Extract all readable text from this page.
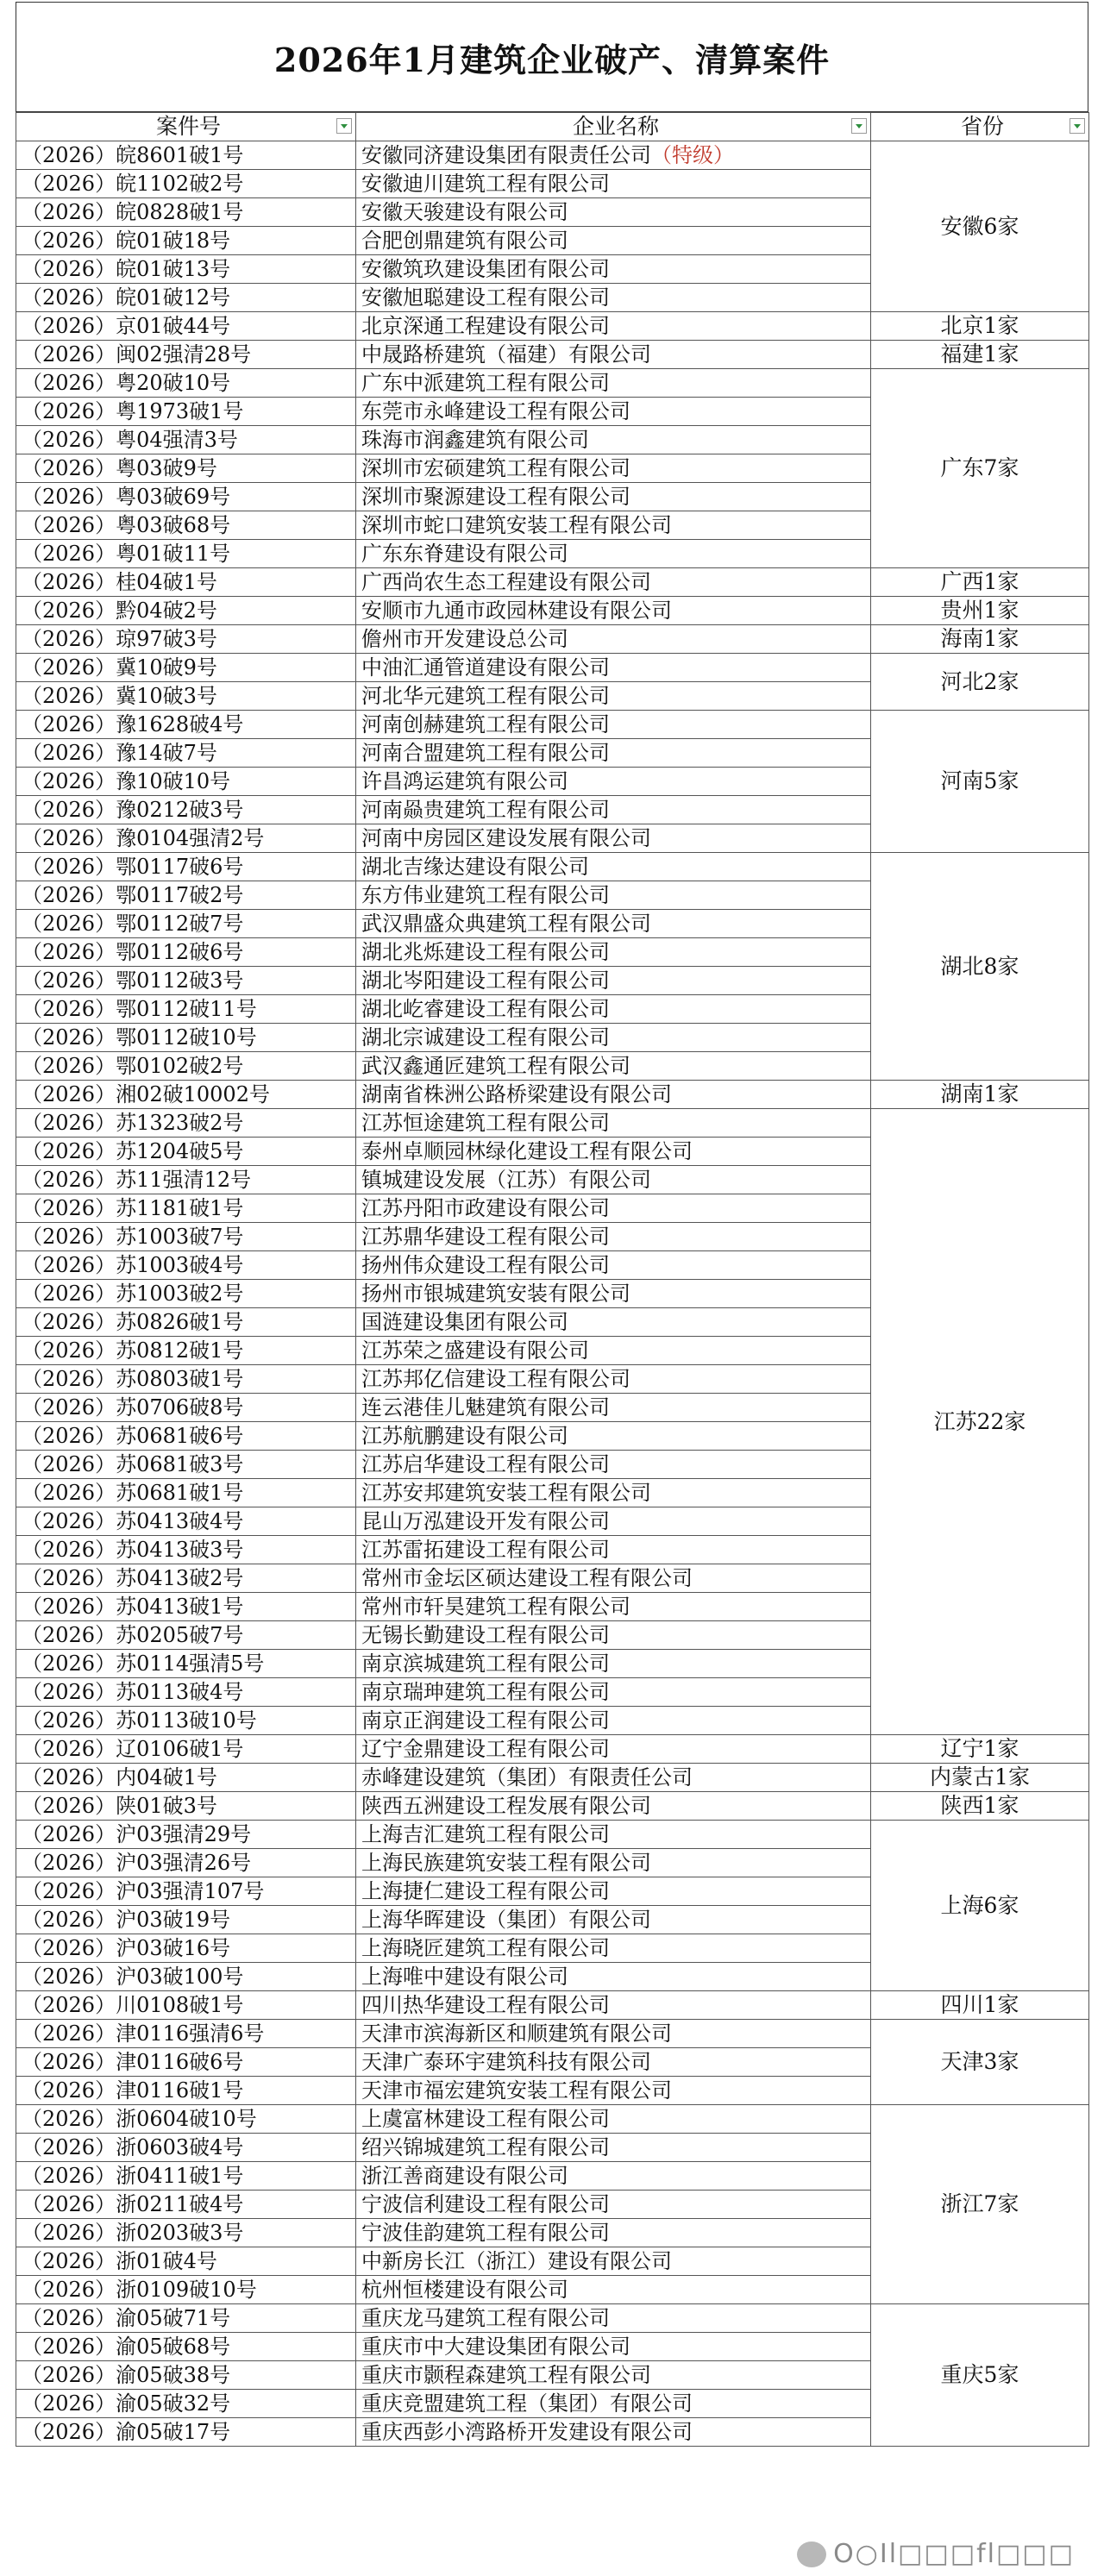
2026年1月建筑企业破产、清算案件
案件号	企业名称	省份

（2026）皖8601破1号	安徽同济建设集团有限责任公司（特级）	安徽6家
（2026）皖1102破2号	安徽迪川建筑工程有限公司	
（2026）皖0828破1号	安徽天骏建设有限公司	
（2026）皖01破18号	合肥创鼎建筑有限公司	
（2026）皖01破13号	安徽筑玖建设集团有限公司	
（2026）皖01破12号	安徽旭聪建设工程有限公司	
（2026）京01破44号	北京深通工程建设有限公司	北京1家
（2026）闽02强清28号	中晟路桥建筑（福建）有限公司	福建1家
（2026）粤20破10号	广东中派建筑工程有限公司	广东7家
（2026）粤1973破1号	东莞市永峰建设工程有限公司	
（2026）粤04强清3号	珠海市润鑫建筑有限公司	
（2026）粤03破9号	深圳市宏硕建筑工程有限公司	
（2026）粤03破69号	深圳市聚源建设工程有限公司	
（2026）粤03破68号	深圳市蛇口建筑安装工程有限公司	
（2026）粤01破11号	广东东脊建设有限公司	
（2026）桂04破1号	广西尚农生态工程建设有限公司	广西1家
（2026）黔04破2号	安顺市九通市政园林建设有限公司	贵州1家
（2026）琼97破3号	儋州市开发建设总公司	海南1家
（2026）冀10破9号	中油汇通管道建设有限公司	河北2家
（2026）冀10破3号	河北华元建筑工程有限公司	
（2026）豫1628破4号	河南创赫建筑工程有限公司	河南5家
（2026）豫14破7号	河南合盟建筑工程有限公司	
（2026）豫10破10号	许昌鸿运建筑有限公司	
（2026）豫0212破3号	河南赑贵建筑工程有限公司	
（2026）豫0104强清2号	河南中房园区建设发展有限公司	
（2026）鄂0117破6号	湖北吉缘达建设有限公司	湖北8家
（2026）鄂0117破2号	东方伟业建筑工程有限公司	
（2026）鄂0112破7号	武汉鼎盛众典建筑工程有限公司	
（2026）鄂0112破6号	湖北兆烁建设工程有限公司	
（2026）鄂0112破3号	湖北岑阳建设工程有限公司	
（2026）鄂0112破11号	湖北屹睿建设工程有限公司	
（2026）鄂0112破10号	湖北宗诚建设工程有限公司	
（2026）鄂0102破2号	武汉鑫通匠建筑工程有限公司	
（2026）湘02破10002号	湖南省株洲公路桥梁建设有限公司	湖南1家
（2026）苏1323破2号	江苏恒途建筑工程有限公司	江苏22家
（2026）苏1204破5号	泰州卓顺园林绿化建设工程有限公司	
（2026）苏11强清12号	镇城建设发展（江苏）有限公司	
（2026）苏1181破1号	江苏丹阳市政建设有限公司	
（2026）苏1003破7号	江苏鼎华建设工程有限公司	
（2026）苏1003破4号	扬州伟众建设工程有限公司	
（2026）苏1003破2号	扬州市银城建筑安装有限公司	
（2026）苏0826破1号	国涟建设集团有限公司	
（2026）苏0812破1号	江苏荣之盛建设有限公司	
（2026）苏0803破1号	江苏邦亿信建设工程有限公司	
（2026）苏0706破8号	连云港佳儿魅建筑有限公司	
（2026）苏0681破6号	江苏航鹏建设有限公司	
（2026）苏0681破3号	江苏启华建设工程有限公司	
（2026）苏0681破1号	江苏安邦建筑安装工程有限公司	
（2026）苏0413破4号	昆山万泓建设开发有限公司	
（2026）苏0413破3号	江苏雷拓建设工程有限公司	
（2026）苏0413破2号	常州市金坛区硕达建设工程有限公司	
（2026）苏0413破1号	常州市轩昊建筑工程有限公司	
（2026）苏0205破7号	无锡长勤建设工程有限公司	
（2026）苏0114强清5号	南京滨城建筑工程有限公司	
（2026）苏0113破4号	南京瑞珅建筑工程有限公司	
（2026）苏0113破10号	南京正润建设工程有限公司	
（2026）辽0106破1号	辽宁金鼎建设工程有限公司	辽宁1家
（2026）内04破1号	赤峰建设建筑（集团）有限责任公司	内蒙古1家
（2026）陕01破3号	陕西五洲建设工程发展有限公司	陕西1家
（2026）沪03强清29号	上海吉汇建筑工程有限公司	上海6家
（2026）沪03强清26号	上海民族建筑安装工程有限公司	
（2026）沪03强清107号	上海捷仁建设工程有限公司	
（2026）沪03破19号	上海华晖建设（集团）有限公司	
（2026）沪03破16号	上海晓匠建筑工程有限公司	
（2026）沪03破100号	上海唯中建设有限公司	
（2026）川0108破1号	四川热华建设工程有限公司	四川1家
（2026）津0116强清6号	天津市滨海新区和顺建筑有限公司	天津3家
（2026）津0116破6号	天津广泰环宇建筑科技有限公司	
（2026）津0116破1号	天津市福宏建筑安装工程有限公司	
（2026）浙0604破10号	上虞富林建设工程有限公司	浙江7家
（2026）浙0603破4号	绍兴锦城建筑工程有限公司	
（2026）浙0411破1号	浙江善商建设有限公司	
（2026）浙0211破4号	宁波信利建设工程有限公司	
（2026）浙0203破3号	宁波佳韵建筑工程有限公司	
（2026）浙01破4号	中新房长江（浙江）建设有限公司	
（2026）浙0109破10号	杭州恒楼建设有限公司	
（2026）渝05破71号	重庆龙马建筑工程有限公司	重庆5家
（2026）渝05破68号	重庆市中大建设集团有限公司	
（2026）渝05破38号	重庆市颢程森建筑工程有限公司	
（2026）渝05破32号	重庆竞盟建筑工程（集团）有限公司	
（2026）渝05破17号	重庆西彭小湾路桥开发建设有限公司	
O○Il□□□fl□□□
